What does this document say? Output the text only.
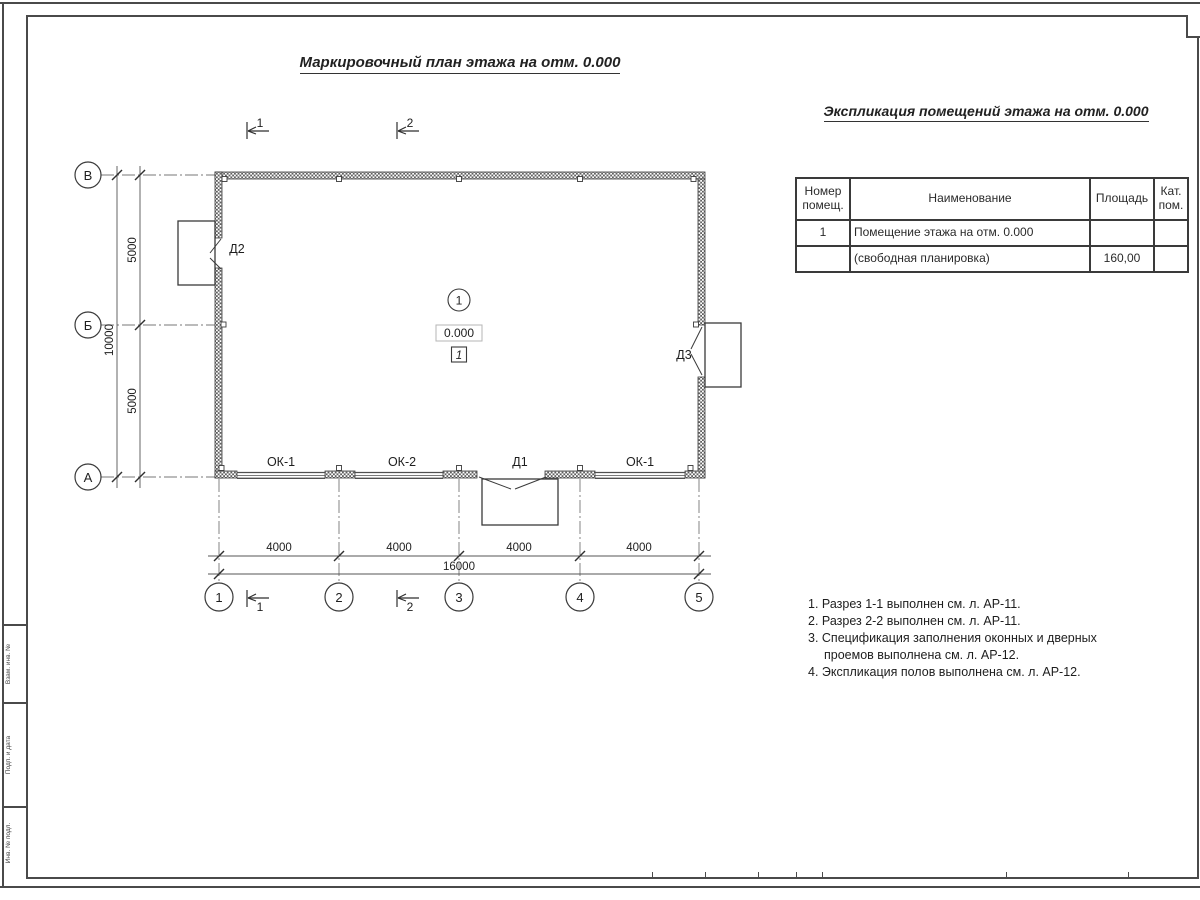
Взам. инв. №
Подп. и дата
Инв. № подл.
Маркировочный план этажа на отм. 0.000
Экспликация помещений этажа на отм. 0.000
5000
5000
10000
4000	4000	4000	4000
16000
В
Б
А
1	2	3	4	5
1	2
1	2
1
0.000
1
Д2
Д3
Д1
ОК-1	ОК-2	ОК-1
Номер помещ.	Наименование	Площадь	Кат. пом.
1	Помещение этажа на отм. 0.000		
	(свободная планировка)	160,00	
1. Разрез 1-1 выполнен см. л. АР-11.
2. Разрез 2-2 выполнен см. л. АР-11.
3. Спецификация заполнения оконных и дверных проемов выполнена см. л. АР-12.
4. Экспликация полов выполнена см. л. АР-12.
